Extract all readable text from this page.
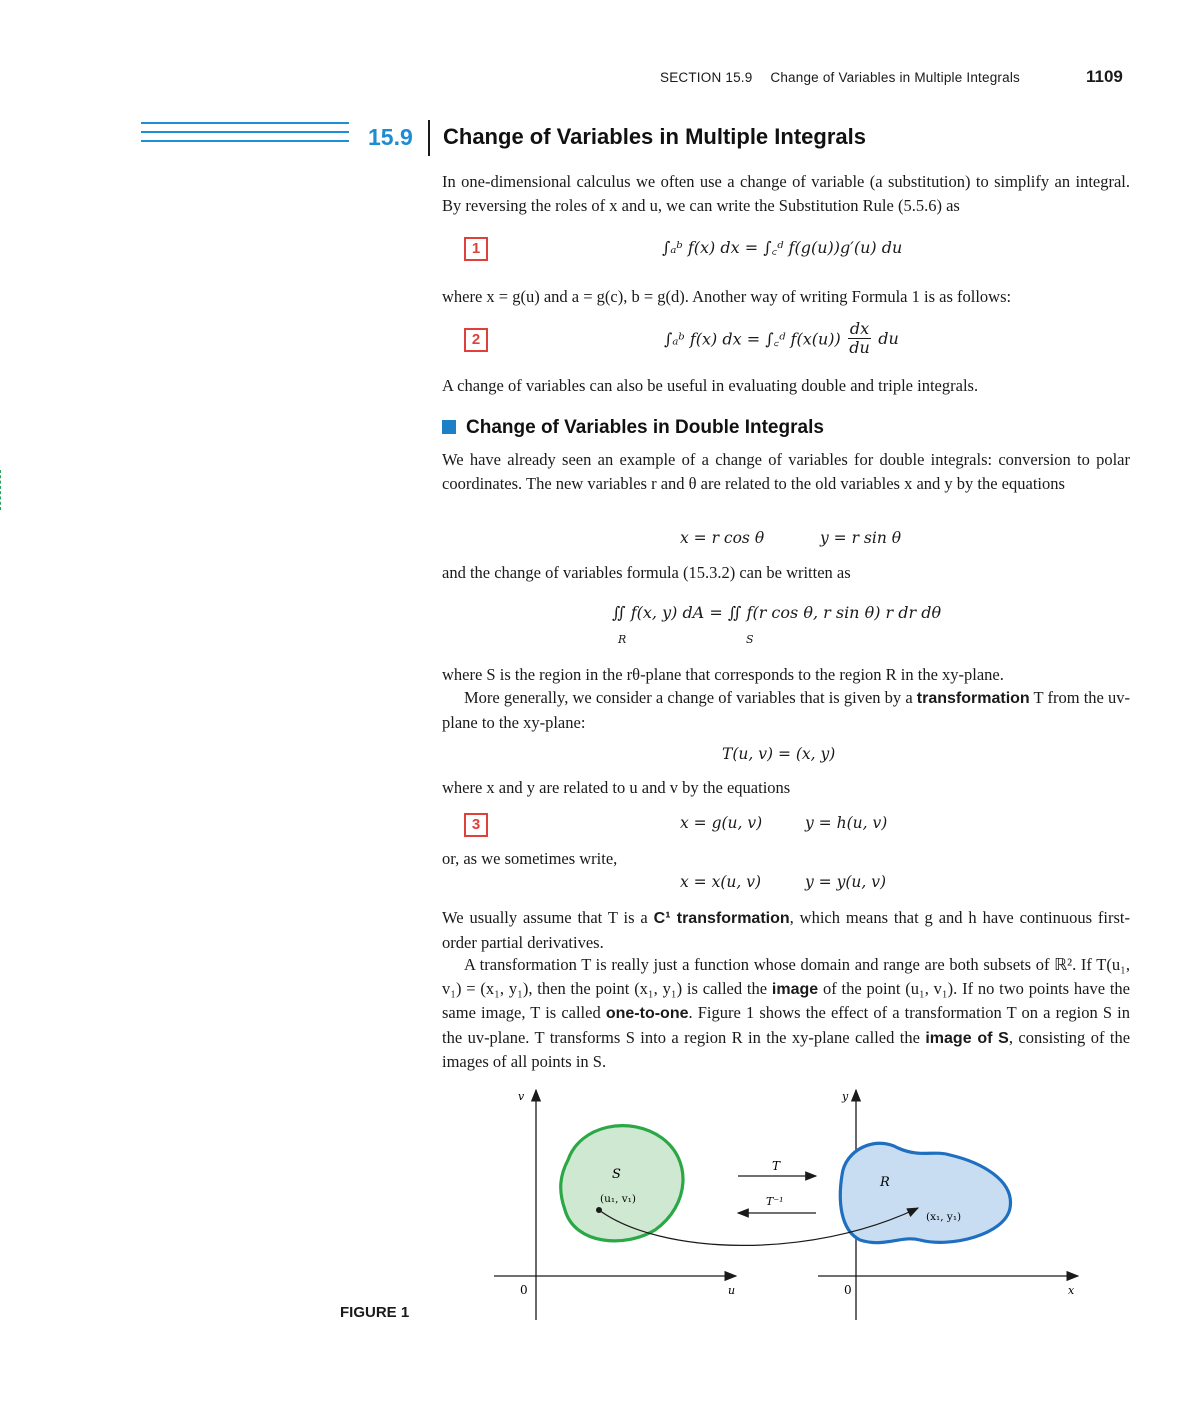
SECTION 15.9 Change of Variables in Multiple Integrals	1109
15.9 Change of Variables in Multiple Integrals
In one-dimensional calculus we often use a change of variable (a substitution) to simplify an integral. By reversing the roles of x and u, we can write the Substitution Rule (5.5.6) as
1	∫ₐᵇ f(x) dx = ∫꜀ᵈ f(g(u))g′(u) du
where x = g(u) and a = g(c), b = g(d). Another way of writing Formula 1 is as follows:
2	∫ₐᵇ f(x) dx = ∫꜀ᵈ $f(x(u)) \frac{dx}{du}$ du
A change of variables can also be useful in evaluating double and triple integrals.
Change of Variables in Double Integrals
We have already seen an example of a change of variables for double integrals: conversion to polar coordinates. The new variables r and θ are related to the old variables x and y by the equations
x = r cos θ	y = r sin θ
and the change of variables formula (15.3.2) can be written as
∬ f(x, y) dA = ∬ f(r cos θ, r sin θ) r dr dθ
R	S
where S is the region in the rθ-plane that corresponds to the region R in the xy-plane.
More generally, we consider a change of variables that is given by a transformation T from the uv-plane to the xy-plane:
T(u, v) = (x, y)
where x and y are related to u and v by the equations
3	x = g(u, v)	y = h(u, v)
or, as we sometimes write,
x = x(u, v)	y = y(u, v)
We usually assume that T is a C¹ transformation, which means that g and h have continuous first-order partial derivatives.
A transformation T is really just a function whose domain and range are both subsets of ℝ². If T(u₁, v₁) = (x₁, y₁), then the point (x₁, y₁) is called the image of the point (u₁, v₁). If no two points have the same image, T is called one-to-one. Figure 1 shows the effect of a transformation T on a region S in the uv-plane. T transforms S into a region R in the xy-plane called the image of S, consisting of the images of all points in S.
v
u
0
S
(u₁, v₁)
y
x
0
R
(x₁, y₁)
T
T⁻¹
FIGURE 1
